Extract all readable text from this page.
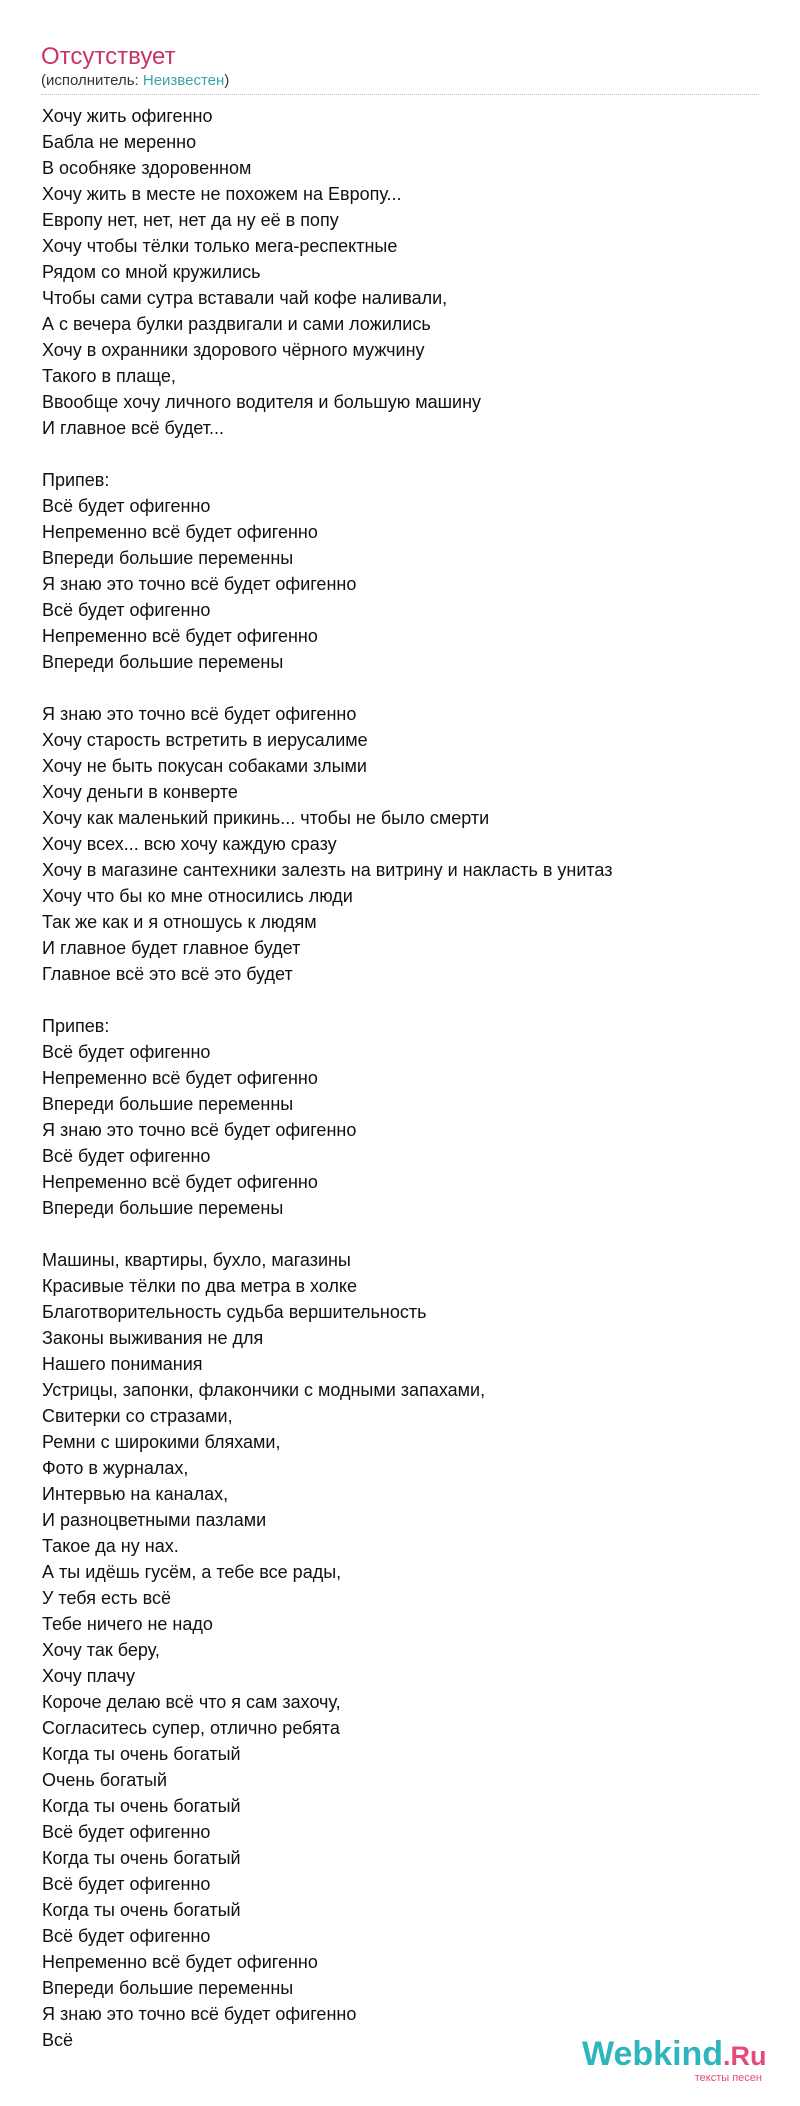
Отсутствует
(исполнитель: Неизвестен)
Хочу жить офигенно
Бабла не меренно
В особняке здоровенном
Хочу жить в месте не похожем на Европу...
Европу нет, нет, нет да ну её в попу
Хочу чтобы тёлки только мега-респектные
Рядом со мной кружились
Чтобы сами сутра вставали чай кофе наливали,
А с вечера булки раздвигали и сами ложились
Хочу в охранники здорового чёрного мужчину
Такого в плаще,
Ввообще хочу личного водителя и большую машину
И главное всё будет...
Припев:
Всё будет офигенно
Непременно всё будет офигенно
Впереди большие переменны
Я знаю это точно всё будет офигенно
Всё будет офигенно
Непременно всё будет офигенно
Впереди большие перемены
Я знаю это точно всё будет офигенно
Хочу старость встретить в иерусалиме
Хочу не быть покусан собаками злыми
Хочу деньги в конверте
Хочу как маленький прикинь... чтобы не было смерти
Хочу всех... всю хочу каждую сразу
Хочу в магазине сантехники залезть на витрину и накласть в унитаз
Хочу что бы ко мне относились люди
Так же как и я отношусь к людям
И главное будет главное будет
Главное всё это всё это будет
Припев:
Всё будет офигенно
Непременно всё будет офигенно
Впереди большие переменны
Я знаю это точно всё будет офигенно
Всё будет офигенно
Непременно всё будет офигенно
Впереди большие перемены
Машины, квартиры, бухло, магазины
Красивые тёлки по два метра в холке
Благотворительность судьба вершительность
Законы выживания не для
Нашего понимания
Устрицы, запонки, флакончики с модными запахами,
Свитерки со стразами,
Ремни с широкими бляхами,
Фото в журналах,
Интервью на каналах,
И разноцветными пазлами
Такое да ну нах.
А ты идёшь гусём, а тебе все рады,
У тебя есть всё
Тебе ничего не надо
Хочу так беру,
Хочу плачу
Короче делаю всё что я сам захочу,
Согласитесь супер, отлично ребята
Когда ты очень богатый
Очень богатый
Когда ты очень богатый
Всё будет офигенно
Когда ты очень богатый
Всё будет офигенно
Когда ты очень богатый
Всё будет офигенно
Непременно всё будет офигенно
Впереди большие переменны
Я знаю это точно всё будет офигенно
Всё	Webkind.Ru
тексты песен
